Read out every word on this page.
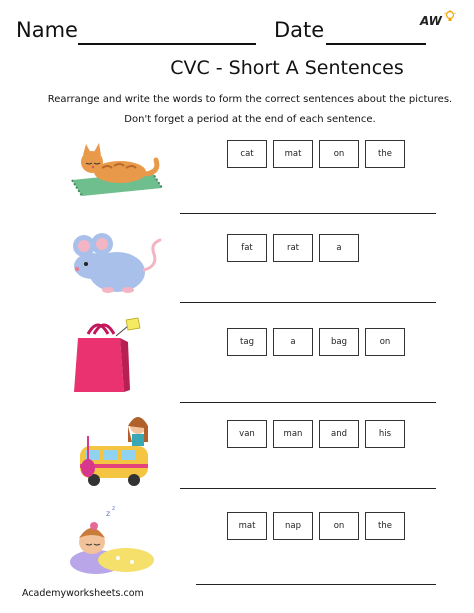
Name	Date	AW
CVC - Short A Sentences
Rearrange and write the words to form the correct sentences about the pictures. Don't forget a period at the end of each sentence.
cat	mat	on	the
fat	rat	a
tag	a	bag	on
van	man	and	his
z
z
mat	nap	on	the
Academyworksheets.com
